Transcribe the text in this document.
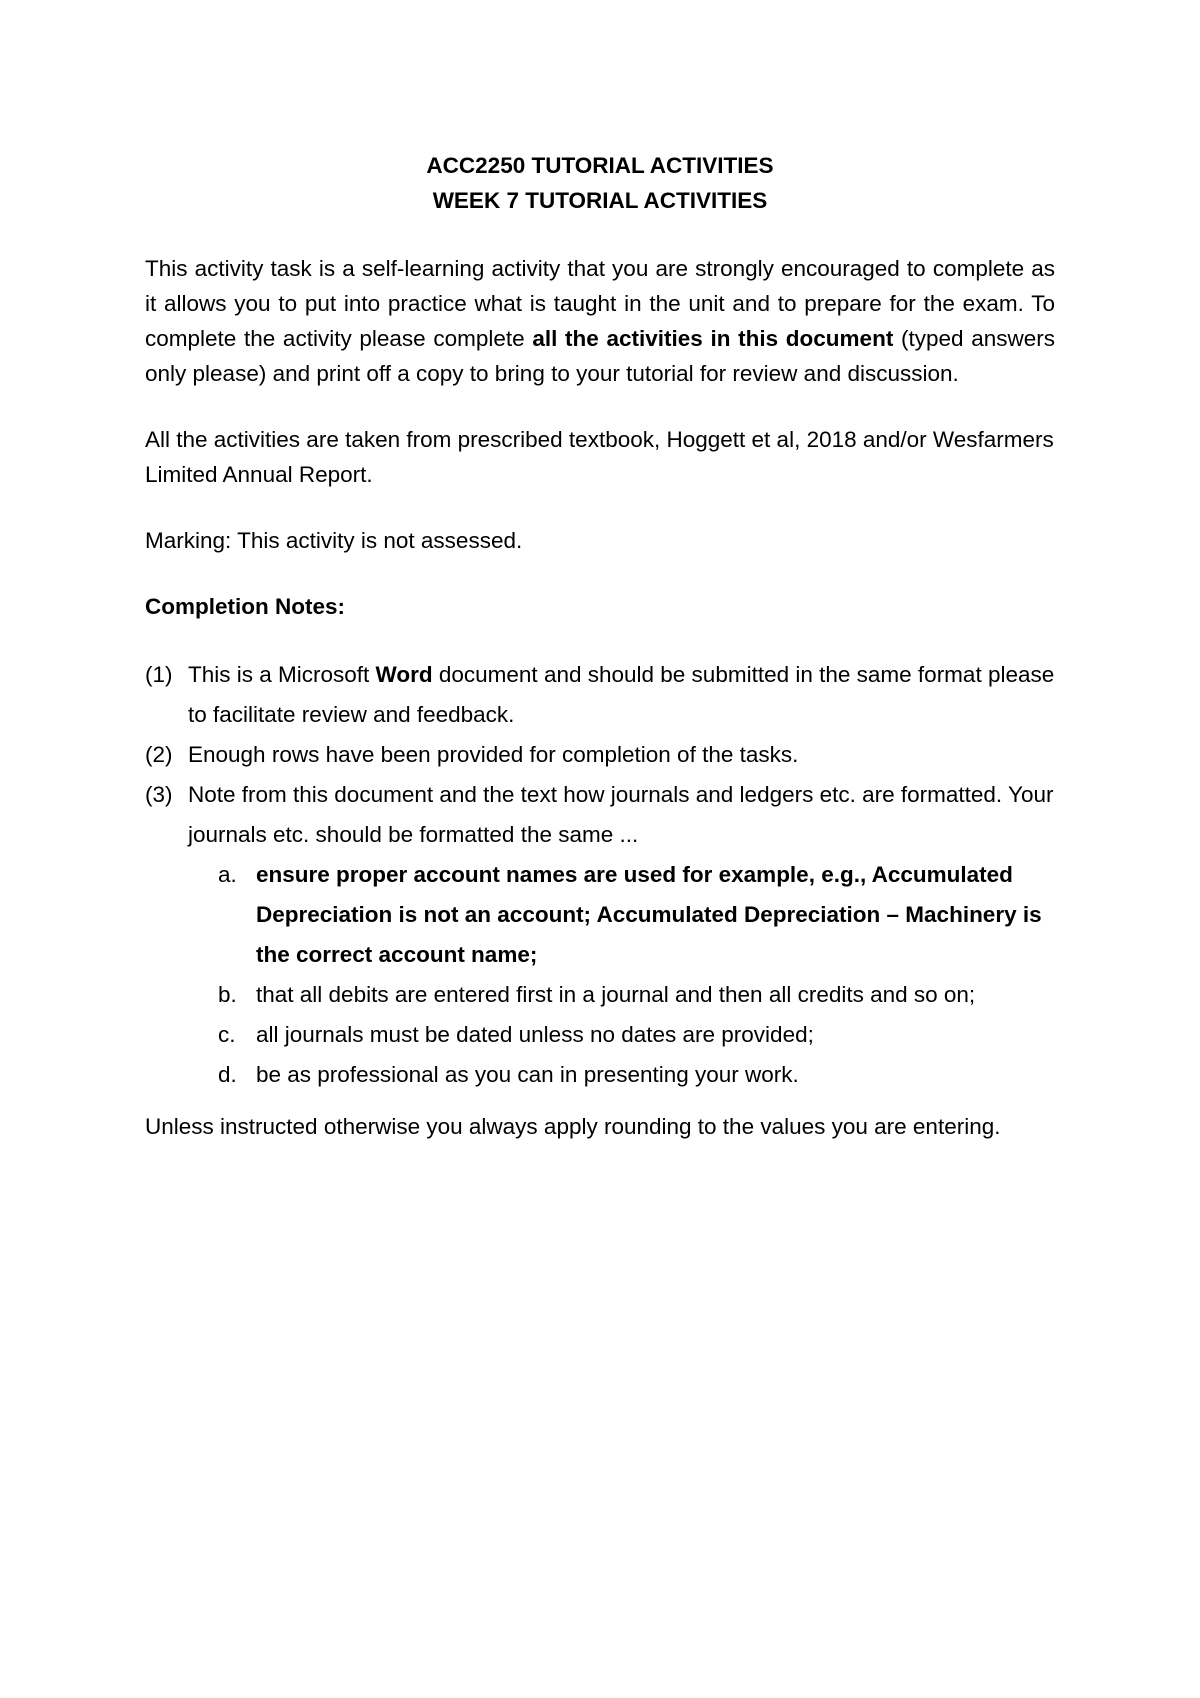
ACC2250 TUTORIAL ACTIVITIES

WEEK 7 TUTORIAL ACTIVITIES

This activity task is a self-learning activity that you are strongly encouraged to complete as it allows you to put into practice what is taught in the unit and to prepare for the exam. To complete the activity please complete all the activities in this document (typed answers only please) and print off a copy to bring to your tutorial for review and discussion.

All the activities are taken from prescribed textbook, Hoggett et al, 2018 and/or Wesfarmers Limited Annual Report.

Marking: This activity is not assessed.

Completion Notes:

(1) This is a Microsoft Word document and should be submitted in the same format please to facilitate review and feedback.
(2) Enough rows have been provided for completion of the tasks.
(3) Note from this document and the text how journals and ledgers etc. are formatted. Your journals etc. should be formatted the same ...
a. ensure proper account names are used for example, e.g., Accumulated Depreciation is not an account; Accumulated Depreciation – Machinery is the correct account name;
b. that all debits are entered first in a journal and then all credits and so on;
c. all journals must be dated unless no dates are provided;
d. be as professional as you can in presenting your work.

Unless instructed otherwise you always apply rounding to the values you are entering.
